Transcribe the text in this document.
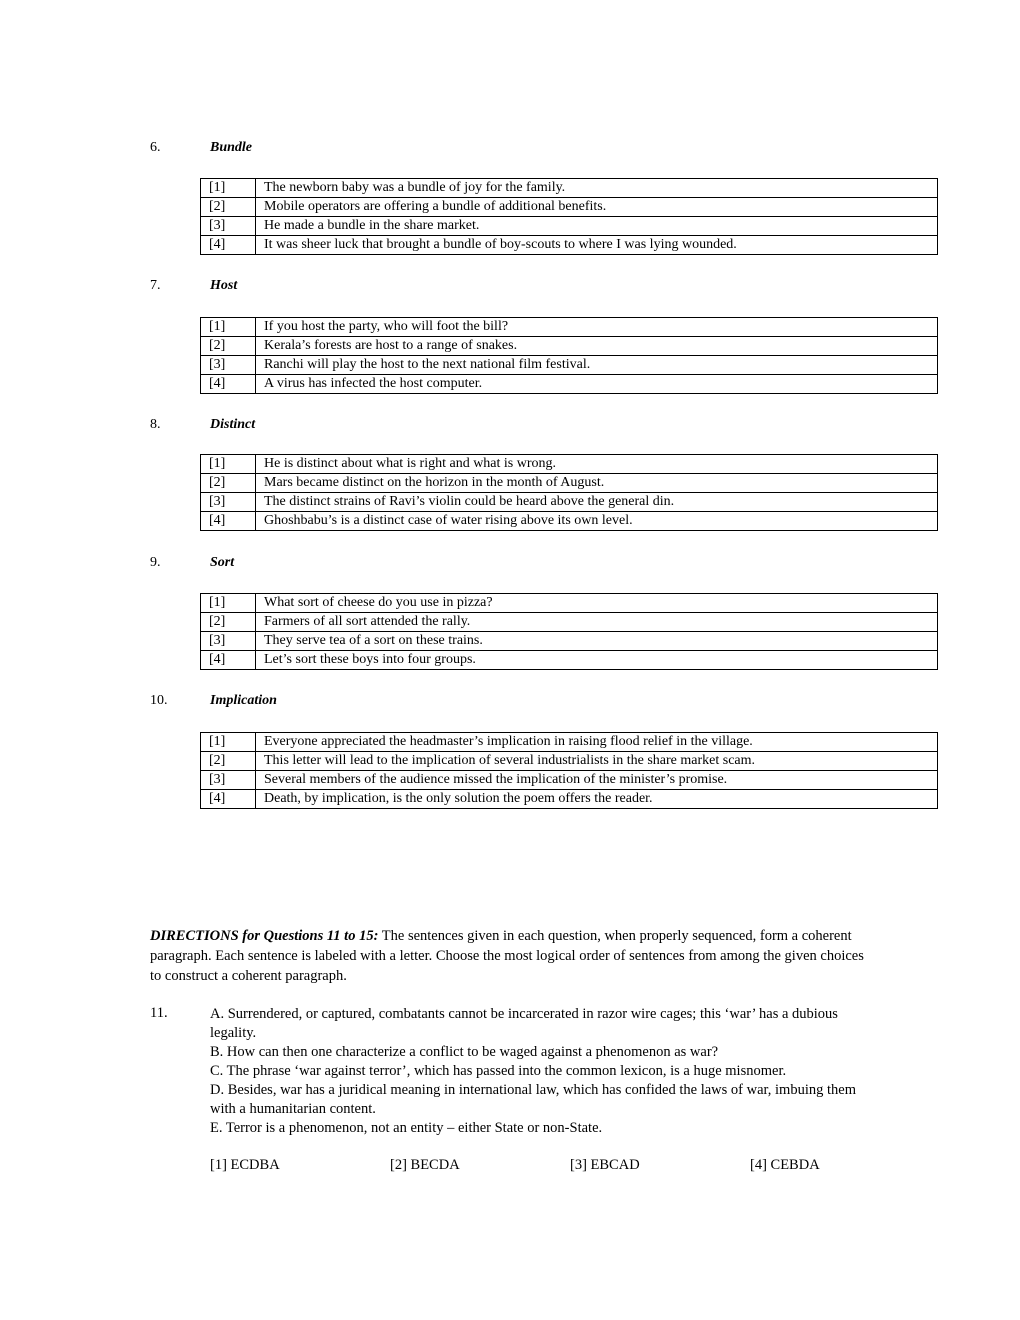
6.	Bundle
[1]	The newborn baby was a bundle of joy for the family.
[2]	Mobile operators are offering a bundle of additional benefits.
[3]	He made a bundle in the share market.
[4]	It was sheer luck that brought a bundle of boy-scouts to where I was lying wounded.
7.	Host
[1]	If you host the party, who will foot the bill?
[2]	Kerala’s forests are host to a range of snakes.
[3]	Ranchi will play the host to the next national film festival.
[4]	A virus has infected the host computer.
8.	Distinct
[1]	He is distinct about what is right and what is wrong.
[2]	Mars became distinct on the horizon in the month of August.
[3]	The distinct strains of Ravi’s violin could be heard above the general din.
[4]	Ghoshbabu’s is a distinct case of water rising above its own level.
9.	Sort
[1]	What sort of cheese do you use in pizza?
[2]	Farmers of all sort attended the rally.
[3]	They serve tea of a sort on these trains.
[4]	Let’s sort these boys into four groups.
10.	Implication
[1]	Everyone appreciated the headmaster’s implication in raising flood relief in the village.
[2]	This letter will lead to the implication of several industrialists in the share market scam.
[3]	Several members of the audience missed the implication of the minister’s promise.
[4]	Death, by implication, is the only solution the poem offers the reader.
DIRECTIONS for Questions 11 to 15: The sentences given in each question, when properly sequenced, form a coherent paragraph. Each sentence is labeled with a letter. Choose the most logical order of sentences from among the given choices to construct a coherent paragraph.
11.	A. Surrendered, or captured, combatants cannot be incarcerated in razor wire cages; this ‘war’ has a dubious legality.

B. How can then one characterize a conflict to be waged against a phenomenon as war?

C. The phrase ‘war against terror’, which has passed into the common lexicon, is a huge misnomer.

D. Besides, war has a juridical meaning in international law, which has confided the laws of war, imbuing them with a humanitarian content.

E. Terror is a phenomenon, not an entity – either State or non-State.

[1] ECDBA	[2] BECDA	[3] EBCAD	[4] CEBDA
